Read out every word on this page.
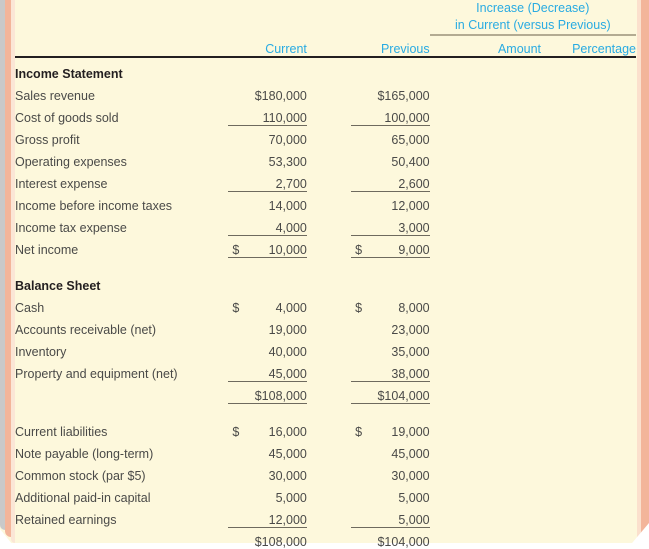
				Increase (Decrease)			
				in Current (versus Previous)			
	Current		Previous		Amount		Percentage

Income Statement							
Sales revenue	$180,000		$165,000				
Cost of goods sold	110,000		100,000				
Gross profit	70,000		65,000				
Operating expenses	53,300		50,400				
Interest expense	2,700		2,600				
Income before income taxes	14,000		12,000				
Income tax expense	4,000		3,000				
Net income	$ 10,000		$ 9,000				

Balance Sheet							
Cash	$ 4,000		$ 8,000				
Accounts receivable (net)	19,000		23,000				
Inventory	40,000		35,000				
Property and equipment (net)	45,000		38,000				
	$108,000		$104,000				

Current liabilities	$ 16,000		$ 19,000				
Note payable (long-term)	45,000		45,000				
Common stock (par $5)	30,000		30,000				
Additional paid-in capital	5,000		5,000				
Retained earnings	12,000		5,000				
	$108,000		$104,000				
